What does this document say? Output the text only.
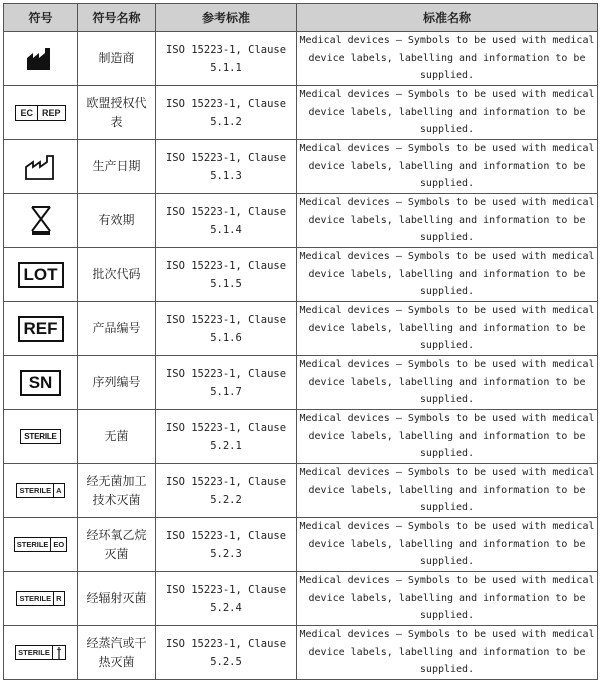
符号	符号名称	参考标准	标准名称

	制造商	ISO 15223-1, Clause 5.1.1	Medical devices — Symbols to be used with medical device labels, labelling and information to be supplied.

EC REP	欧盟授权代表	ISO 15223-1, Clause 5.1.2	Medical devices — Symbols to be used with medical device labels, labelling and information to be supplied.

	生产日期	ISO 15223-1, Clause 5.1.3	Medical devices — Symbols to be used with medical device labels, labelling and information to be supplied.

	有效期	ISO 15223-1, Clause 5.1.4	Medical devices — Symbols to be used with medical device labels, labelling and information to be supplied.

LOT	批次代码	ISO 15223-1, Clause 5.1.5	Medical devices — Symbols to be used with medical device labels, labelling and information to be supplied.

REF	产品编号	ISO 15223-1, Clause 5.1.6	Medical devices — Symbols to be used with medical device labels, labelling and information to be supplied.

SN	序列编号	ISO 15223-1, Clause 5.1.7	Medical devices — Symbols to be used with medical device labels, labelling and information to be supplied.

STERILE	无菌	ISO 15223-1, Clause 5.2.1	Medical devices — Symbols to be used with medical device labels, labelling and information to be supplied.

STERILE A	经无菌加工技术灭菌	ISO 15223-1, Clause 5.2.2	Medical devices — Symbols to be used with medical device labels, labelling and information to be supplied.

STERILE EO	经环氧乙烷灭菌	ISO 15223-1, Clause 5.2.3	Medical devices — Symbols to be used with medical device labels, labelling and information to be supplied.

STERILE R	经辐射灭菌	ISO 15223-1, Clause 5.2.4	Medical devices — Symbols to be used with medical device labels, labelling and information to be supplied.

STERILE	经蒸汽或干热灭菌	ISO 15223-1, Clause 5.2.5	Medical devices — Symbols to be used with medical device labels, labelling and information to be supplied.
